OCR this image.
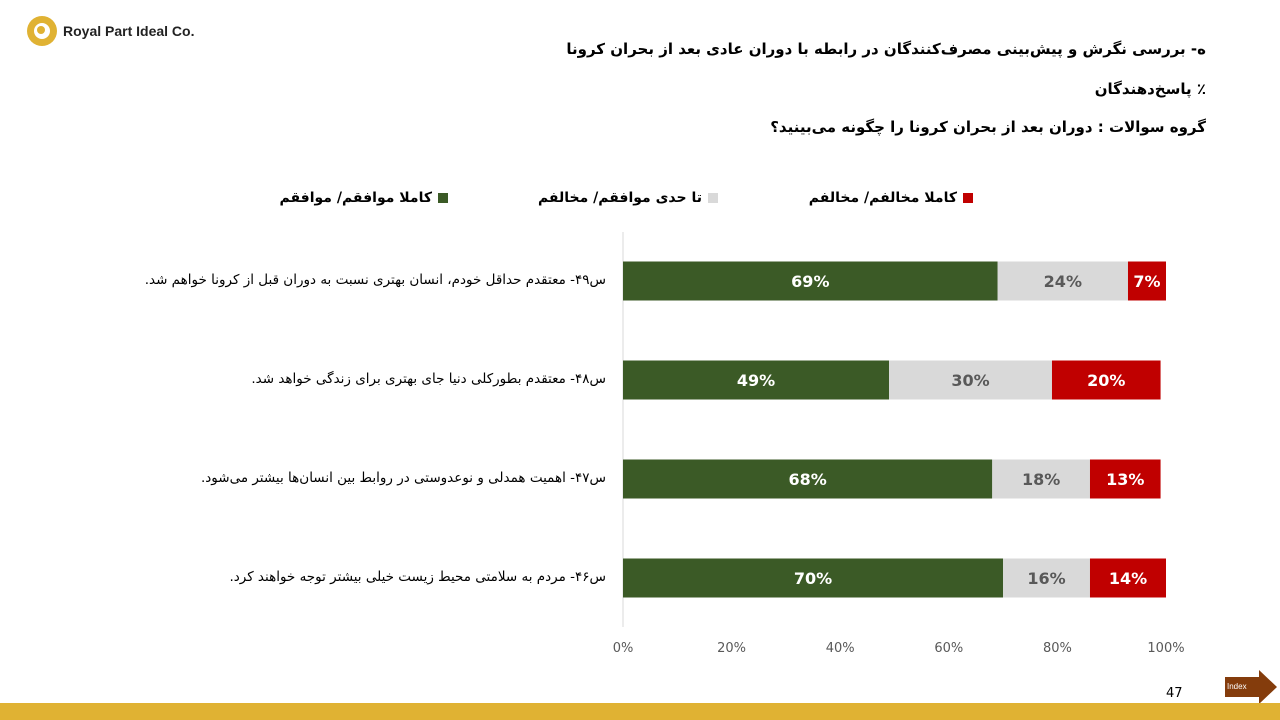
Royal Part Ideal Co.
ه- بررسی نگرش و پیش‌بینی مصرف‌کنندگان در رابطه با دوران عادی بعد از بحران کرونا
٪ پاسخ‌دهندگان
گروه سوالات : دوران بعد از بحران کرونا را چگونه می‌بینید؟
کاملا موافقم/ موافقم	تا حدی موافقم/ مخالفم	کاملا مخالفم/ مخالفم
س۴۹- معتقدم حداقل خودم، انسان بهتری نسبت به دوران قبل از کرونا خواهم شد.
س۴۸- معتقدم بطورکلی دنیا جای بهتری برای زندگی خواهد شد.
س۴۷- اهمیت همدلی و نوعدوستی در روابط بین انسان‌ها بیشتر می‌شود.
س۴۶- مردم به سلامتی محیط زیست خیلی بیشتر توجه خواهند کرد.
0%	20%	40%	60%	80%	100%
69%	24%	7%
49%	30%	20%
68%	18%	13%
70%	16%	14%
47	Index
